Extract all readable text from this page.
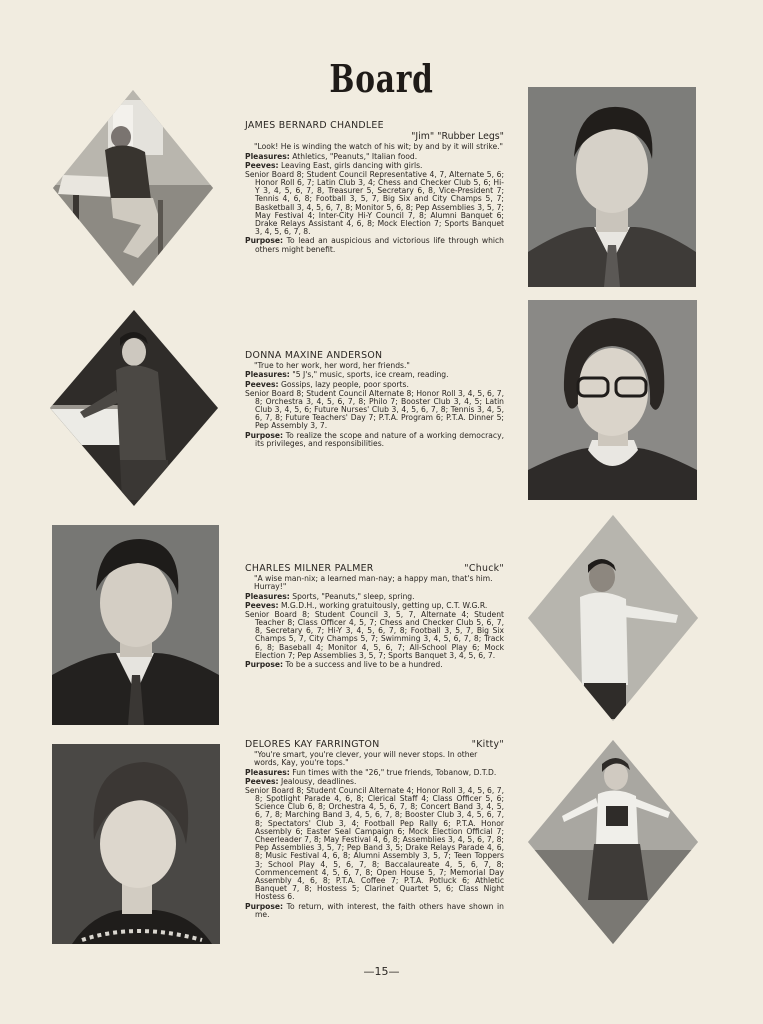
Board
JAMES BERNARD CHANDLEE
"Jim" "Rubber Legs"
"Look! He is winding the watch of his wit; by and by it will strike."

Pleasures: Athletics, "Peanuts," Italian food.

Peeves: Leaving East, girls dancing with girls.

Senior Board 8; Student Council Representative 4, 7, Alternate 5, 6; Honor Roll 6, 7; Latin Club 3, 4; Chess and Checker Club 5, 6; Hi-Y 3, 4, 5, 6, 7, 8, Treasurer 5, Secretary 6, 8, Vice-President 7; Tennis 4, 6, 8; Football 3, 5, 7, Big Six and City Champs 5, 7; Basketball 3, 4, 5, 6, 7, 8; Monitor 5, 6, 8; Pep Assemblies 3, 5, 7; May Festival 4; Inter-City Hi-Y Council 7, 8; Alumni Banquet 6; Drake Relays Assistant 4, 6, 8; Mock Election 7; Sports Banquet 3, 4, 5, 6, 7, 8.

Purpose: To lead an auspicious and victorious life through which others might benefit.

DONNA MAXINE ANDERSON
"True to her work, her word, her friends."

Pleasures: "5 J's," music, sports, ice cream, reading.

Peeves: Gossips, lazy people, poor sports.

Senior Board 8; Student Council Alternate 8; Honor Roll 3, 4, 5, 6, 7, 8; Orchestra 3, 4, 5, 6, 7, 8; Philo 7; Booster Club 3, 4, 5; Latin Club 3, 4, 5, 6; Future Nurses' Club 3, 4, 5, 6, 7, 8; Tennis 3, 4, 5, 6, 7, 8; Future Teachers' Day 7; P.T.A. Program 6; P.T.A. Dinner 5; Pep Assembly 3, 7.

Purpose: To realize the scope and nature of a working democracy, its privileges, and responsibilities.

CHARLES MILNER PALMER	"Chuck"
"A wise man-nix; a learned man-nay; a happy man, that's him. Hurray!"

Pleasures: Sports, "Peanuts," sleep, spring.

Peeves: M.G.D.H., working gratuitously, getting up, C.T. W.G.R.

Senior Board 8; Student Council 3, 5, 7, Alternate 4; Student Teacher 8; Class Officer 4, 5, 7; Chess and Checker Club 5, 6, 7, 8, Secretary 6, 7; Hi-Y 3, 4, 5, 6, 7, 8; Football 3, 5, 7, Big Six Champs 5, 7, City Champs 5, 7; Swimming 3, 4, 5, 6, 7, 8; Track 6, 8; Baseball 4; Monitor 4, 5, 6, 7; All-School Play 6; Mock Election 7; Pep Assemblies 3, 5, 7; Sports Banquet 3, 4, 5, 6, 7.

Purpose: To be a success and live to be a hundred.

DELORES KAY FARRINGTON	"Kitty"
"You're smart, you're clever, your will never stops. In other words, Kay, you're tops."

Pleasures: Fun times with the "26," true friends, Tobanow, D.T.D.

Peeves: Jealousy, deadlines.

Senior Board 8; Student Council Alternate 4; Honor Roll 3, 4, 5, 6, 7, 8; Spotlight Parade 4, 6, 8; Clerical Staff 4; Class Officer 5, 6; Science Club 6, 8; Orchestra 4, 5, 6, 7, 8; Concert Band 3, 4, 5, 6, 7, 8; Marching Band 3, 4, 5, 6, 7, 8; Booster Club 3, 4, 5, 6, 7, 8; Spectators' Club 3, 4; Football Pep Rally 6; P.T.A. Honor Assembly 6; Easter Seal Campaign 6; Mock Election Official 7; Cheerleader 7, 8; May Festival 4, 6, 8; Assemblies 3, 4, 5, 6, 7, 8; Pep Assemblies 3, 5, 7; Pep Band 3, 5; Drake Relays Parade 4, 6, 8; Music Festival 4, 6, 8; Alumni Assembly 3, 5, 7; Teen Toppers 3; School Play 4, 5, 6, 7, 8; Baccalaureate 4, 5, 6, 7, 8; Commencement 4, 5, 6, 7, 8; Open House 5, 7; Memorial Day Assembly 4, 6, 8; P.T.A. Coffee 7; P.T.A. Potluck 6; Athletic Banquet 7, 8; Hostess 5; Clarinet Quartet 5, 6; Class Night Hostess 6.

Purpose: To return, with interest, the faith others have shown in me.

—15—
